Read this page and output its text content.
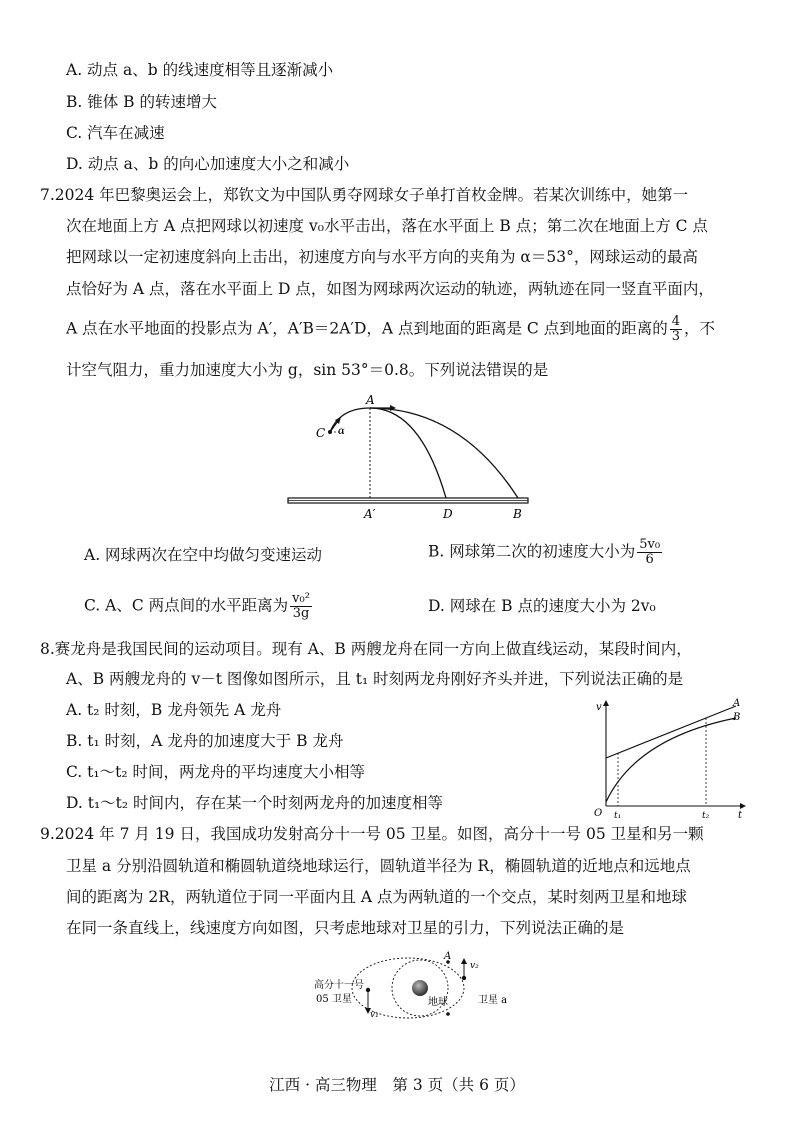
A. 动点 a、b 的线速度相等且逐渐减小
B. 锥体 B 的转速增大
C. 汽车在减速
D. 动点 a、b 的向心加速度大小之和减小
7.2024 年巴黎奥运会上，郑钦文为中国队勇夺网球女子单打首枚金牌。若某次训练中，她第一
次在地面上方 A 点把网球以初速度 v₀水平击出，落在水平面上 B 点；第二次在地面上方 C 点
把网球以一定初速度斜向上击出，初速度方向与水平方向的夹角为 α＝53°，网球运动的最高
点恰好为 A 点，落在水平面上 D 点，如图为网球两次运动的轨迹，两轨迹在同一竖直平面内，
A 点在水平地面的投影点为 A′，A′B＝2A′D，A 点到地面的距离是 C 点到地面的距离的 $\frac{4}{3}$ ，不
计空气阻力，重力加速度大小为 g，sin 53°＝0.8。下列说法错误的是
C α
A
A′	D	B
A. 网球两次在空中均做匀变速运动	B. 网球第二次的初速度大小为 $\frac{\text{5v₀}}{6}$
C. A、C 两点间的水平距离为 $\frac{\text{v₀²}}{3g}$	D. 网球在 B 点的速度大小为 2v₀
8.赛龙舟是我国民间的运动项目。现有 A、B 两艘龙舟在同一方向上做直线运动，某段时间内，
A、B 两艘龙舟的 v－t 图像如图所示，且 t₁ 时刻两龙舟刚好齐头并进，下列说法正确的是
A. t₂ 时刻，B 龙舟领先 A 龙舟
B. t₁ 时刻，A 龙舟的加速度大于 B 龙舟
C. t₁～t₂ 时间，两龙舟的平均速度大小相等
D. t₁～t₂ 时间内，存在某一个时刻两龙舟的加速度相等
v
t
O t₁	t₂
A
B
9.2024 年 7 月 19 日，我国成功发射高分十一号 05 卫星。如图，高分十一号 05 卫星和另一颗
卫星 a 分别沿圆轨道和椭圆轨道绕地球运行，圆轨道半径为 R，椭圆轨道的近地点和远地点
间的距离为 2R，两轨道位于同一平面内且 A 点为两轨道的一个交点，某时刻两卫星和地球
在同一条直线上，线速度方向如图，只考虑地球对卫星的引力，下列说法正确的是
地球
v₁
高分十一号
05 卫星
v₂
卫星 a
A
江西 · 高三物理　第 3 页（共 6 页）
